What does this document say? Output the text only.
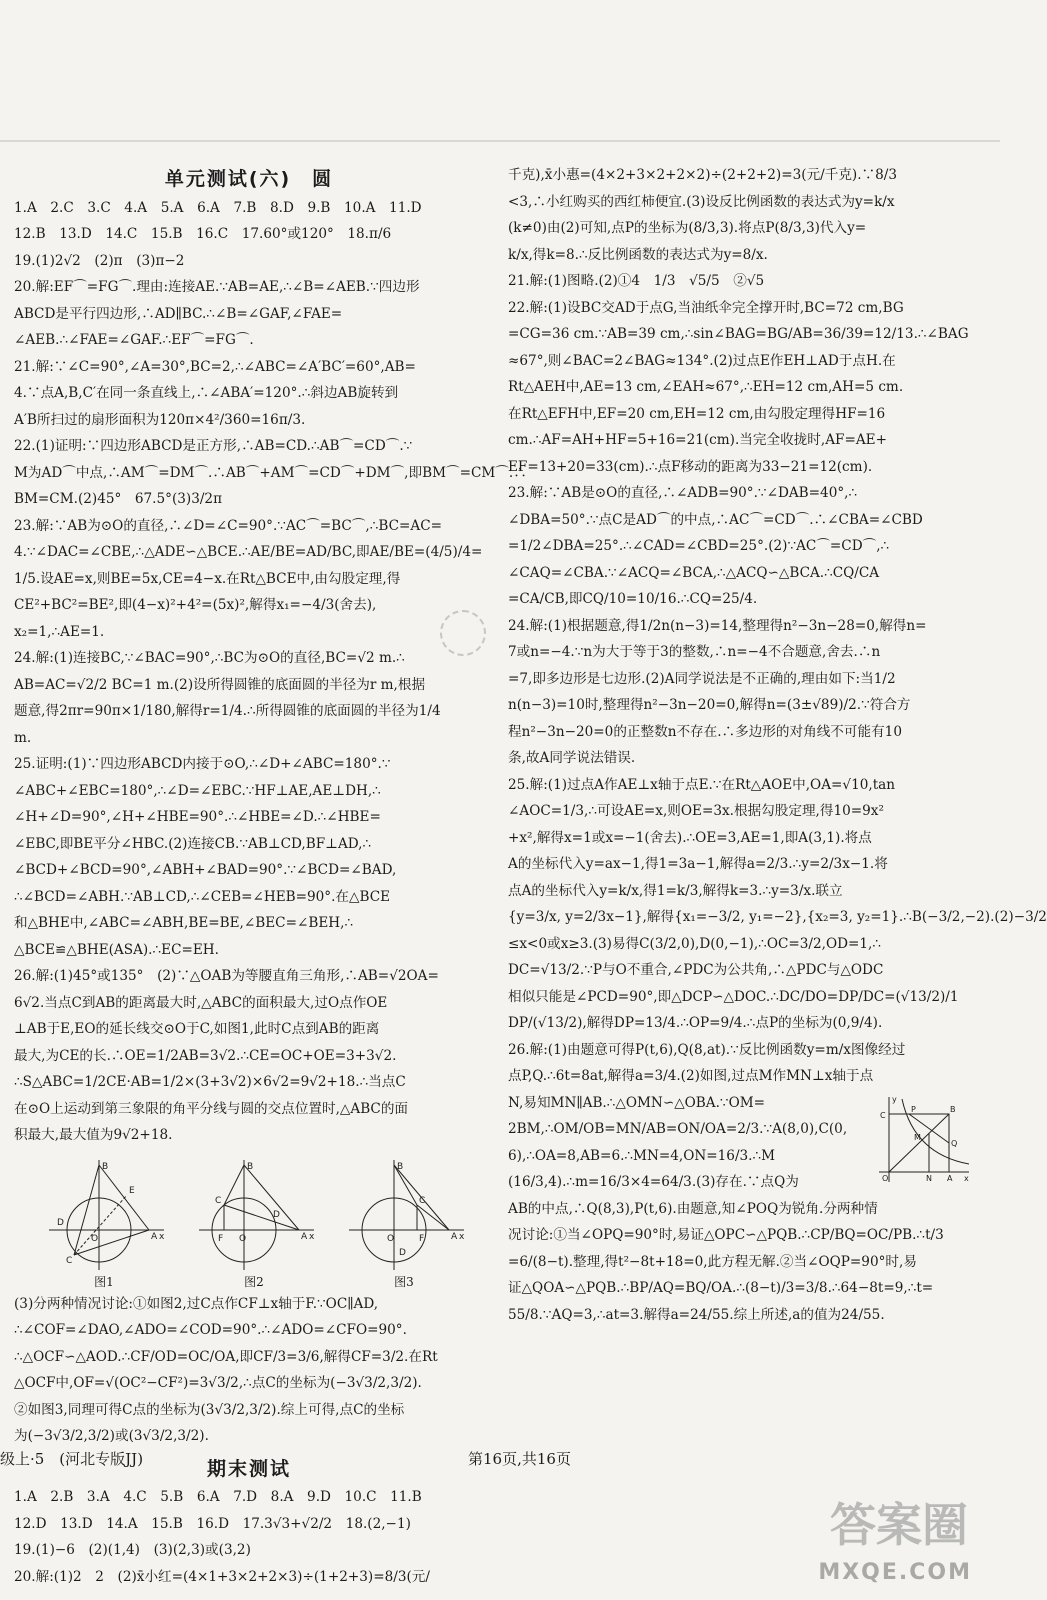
单元测试(六)　圆
1.A　2.C　3.C　4.A　5.A　6.A　7.B　8.D　9.B　10.A　11.D
12.B　13.D　14.C　15.B　16.C　17.60°或120°　18.π/6
19.(1)2√2　(2)π　(3)π−2
20.解:EF⌒=FG⌒.理由:连接AE.∵AB=AE,∴∠B=∠AEB.∵四边形
ABCD是平行四边形,∴AD∥BC.∴∠B=∠GAF,∠FAE=
∠AEB.∴∠FAE=∠GAF.∴EF⌒=FG⌒.
21.解:∵∠C=90°,∠A=30°,BC=2,∴∠ABC=∠A′BC′=60°,AB=
4.∵点A,B,C′在同一条直线上,∴∠ABA′=120°.∴斜边AB旋转到
A′B所扫过的扇形面积为120π×4²/360=16π/3.
22.(1)证明:∵四边形ABCD是正方形,∴AB=CD.∴AB⌒=CD⌒.∵
M为AD⌒中点,∴AM⌒=DM⌒.∴AB⌒+AM⌒=CD⌒+DM⌒,即BM⌒=CM⌒.∴
BM=CM.(2)45°　67.5°(3)3/2π
23.解:∵AB为⊙O的直径,∴∠D=∠C=90°.∵AC⌒=BC⌒,∴BC=AC=
4.∵∠DAC=∠CBE,∴△ADE∽△BCE.∴AE/BE=AD/BC,即AE/BE=(4/5)/4=
1/5.设AE=x,则BE=5x,CE=4−x.在Rt△BCE中,由勾股定理,得
CE²+BC²=BE²,即(4−x)²+4²=(5x)²,解得x₁=−4/3(舍去),
x₂=1,∴AE=1.
24.解:(1)连接BC,∵∠BAC=90°,∴BC为⊙O的直径,BC=√2 m.∴
AB=AC=√2/2 BC=1 m.(2)设所得圆锥的底面圆的半径为r m,根据
题意,得2πr=90π×1/180,解得r=1/4.∴所得圆锥的底面圆的半径为1/4
m.
25.证明:(1)∵四边形ABCD内接于⊙O,∴∠D+∠ABC=180°.∵
∠ABC+∠EBC=180°,∴∠D=∠EBC.∵HF⊥AE,AE⊥DH,∴
∠H+∠D=90°,∠H+∠HBE=90°.∴∠HBE=∠D.∴∠HBE=
∠EBC,即BE平分∠HBC.(2)连接CB.∵AB⊥CD,BF⊥AD,∴
∠BCD+∠BCD=90°,∠ABH+∠BAD=90°.∵∠BCD=∠BAD,
∴∠BCD=∠ABH.∵AB⊥CD,∴∠CEB=∠HEB=90°.在△BCE
和△BHE中,∠ABC=∠ABH,BE=BE,∠BEC=∠BEH,∴
△BCE≌△BHE(ASA).∴EC=EH.
26.解:(1)45°或135°　(2)∵△OAB为等腰直角三角形,∴AB=√2OA=
6√2.当点C到AB的距离最大时,△ABC的面积最大,过O点作OE
⊥AB于E,EO的延长线交⊙O于C,如图1,此时C点到AB的距离
最大,为CE的长.∴OE=1/2AB=3√2.∴CE=OC+OE=3+3√2.
∴S△ABC=1/2CE·AB=1/2×(3+3√2)×6√2=9√2+18.∴当点C
在⊙O上运动到第三象限的角平分线与圆的交点位置时,△ABC的面
积最大,最大值为9√2+18.
B
E
A
C
O
D
x
图1
B
C
A
F O
D
x
图2
B
C
A
F
O
D
x
图3
(3)分两种情况讨论:①如图2,过C点作CF⊥x轴于F.∵OC∥AD,
∴∠COF=∠DAO,∠ADO=∠COD=90°.∴∠ADO=∠CFO=90°.
∴△OCF∽△AOD.∴CF/OD=OC/OA,即CF/3=3/6,解得CF=3/2.在Rt
△OCF中,OF=√(OC²−CF²)=3√3/2,∴点C的坐标为(−3√3/2,3/2).
②如图3,同理可得C点的坐标为(3√3/2,3/2).综上可得,点C的坐标
为(−3√3/2,3/2)或(3√3/2,3/2).
期末测试
1.A　2.B　3.A　4.C　5.B　6.A　7.D　8.A　9.D　10.C　11.B
12.D　13.D　14.A　15.B　16.D　17.3√3+√2/2　18.(2,−1)
19.(1)−6　(2)(1,4)　(3)(2,3)或(3,2)
20.解:(1)2　2　(2)x̄小红=(4×1+3×2+2×3)÷(1+2+3)=8/3(元/
千克),x̄小惠=(4×2+3×2+2×2)÷(2+2+2)=3(元/千克).∵8/3
<3,∴小红购买的西红柿便宜.(3)设反比例函数的表达式为y=k/x
(k≠0)由(2)可知,点P的坐标为(8/3,3).将点P(8/3,3)代入y=
k/x,得k=8.∴反比例函数的表达式为y=8/x.
21.解:(1)图略.(2)①4　1/3　√5/5　②√5
22.解:(1)设BC交AD于点G,当油纸伞完全撑开时,BC=72 cm,BG
=CG=36 cm.∵AB=39 cm,∴sin∠BAG=BG/AB=36/39=12/13.∴∠BAG
≈67°,则∠BAC=2∠BAG≈134°.(2)过点E作EH⊥AD于点H.在
Rt△AEH中,AE=13 cm,∠EAH≈67°,∴EH=12 cm,AH=5 cm.
在Rt△EFH中,EF=20 cm,EH=12 cm,由勾股定理得HF=16
cm.∴AF=AH+HF=5+16=21(cm).当完全收拢时,AF=AE+
EF=13+20=33(cm).∴点F移动的距离为33−21=12(cm).
23.解:∵AB是⊙O的直径,∴∠ADB=90°.∵∠DAB=40°,∴
∠DBA=50°.∵点C是AD⌒的中点,∴AC⌒=CD⌒.∴∠CBA=∠CBD
=1/2∠DBA=25°.∴∠CAD=∠CBD=25°.(2)∵AC⌒=CD⌒,∴
∠CAQ=∠CBA.∵∠ACQ=∠BCA,∴△ACQ∽△BCA.∴CQ/CA
=CA/CB,即CQ/10=10/16.∴CQ=25/4.
24.解:(1)根据题意,得1/2n(n−3)=14,整理得n²−3n−28=0,解得n=
7或n=−4.∵n为大于等于3的整数,∴n=−4不合题意,舍去.∴n
=7,即多边形是七边形.(2)A同学说法是不正确的,理由如下:当1/2
n(n−3)=10时,整理得n²−3n−20=0,解得n=(3±√89)/2.∵符合方
程n²−3n−20=0的正整数n不存在.∴多边形的对角线不可能有10
条,故A同学说法错误.
25.解:(1)过点A作AE⊥x轴于点E.∵在Rt△AOE中,OA=√10,tan
∠AOC=1/3,∴可设AE=x,则OE=3x.根据勾股定理,得10=9x²
+x²,解得x=1或x=−1(舍去).∴OE=3,AE=1,即A(3,1).将点
A的坐标代入y=ax−1,得1=3a−1,解得a=2/3.∴y=2/3x−1.将
点A的坐标代入y=k/x,得1=k/3,解得k=3.∴y=3/x.联立
{y=3/x, y=2/3x−1},解得{x₁=−3/2, y₁=−2},{x₂=3, y₂=1}.∴B(−3/2,−2).(2)−3/2
≤x<0或x≥3.(3)易得C(3/2,0),D(0,−1),∴OC=3/2,OD=1,∴
DC=√13/2.∵P与O不重合,∠PDC为公共角,∴△PDC与△ODC
相似只能是∠PCD=90°,即△DCP∽△DOC.∴DC/DO=DP/DC=(√13/2)/1
DP/(√13/2),解得DP=13/4.∴OP=9/4.∴点P的坐标为(0,9/4).
26.解:(1)由题意可得P(t,6),Q(8,at).∵反比例函数y=m/x图像经过
点P,Q.∴6t=8at,解得a=3/4.(2)如图,过点M作MN⊥x轴于点
y
C
B
M
N A
O	x
P
Q
N,易知MN∥AB.∴△OMN∽△OBA.∵OM=
2BM,∴OM/OB=MN/AB=ON/OA=2/3.∵A(8,0),C(0,
6),∴OA=8,AB=6.∴MN=4,ON=16/3.∴M
(16/3,4).∴m=16/3×4=64/3.(3)存在.∵点Q为
AB的中点,∴Q(8,3),P(t,6).由题意,知∠POQ为锐角.分两种情
况讨论:①当∠OPQ=90°时,易证△OPC∽△PQB.∴CP/BQ=OC/PB.∴t/3
=6/(8−t).整理,得t²−8t+18=0,此方程无解.②当∠OQP=90°时,易
证△QOA∽△PQB.∴BP/AQ=BQ/OA.∴(8−t)/3=3/8.∴64−8t=9,∴t=
55/8.∵AQ=3,∴at=3.解得a=24/55.综上所述,a的值为24/55.
级上·5　(河北专版JJ)	第16页,共16页
答案圈
MXQE.COM
